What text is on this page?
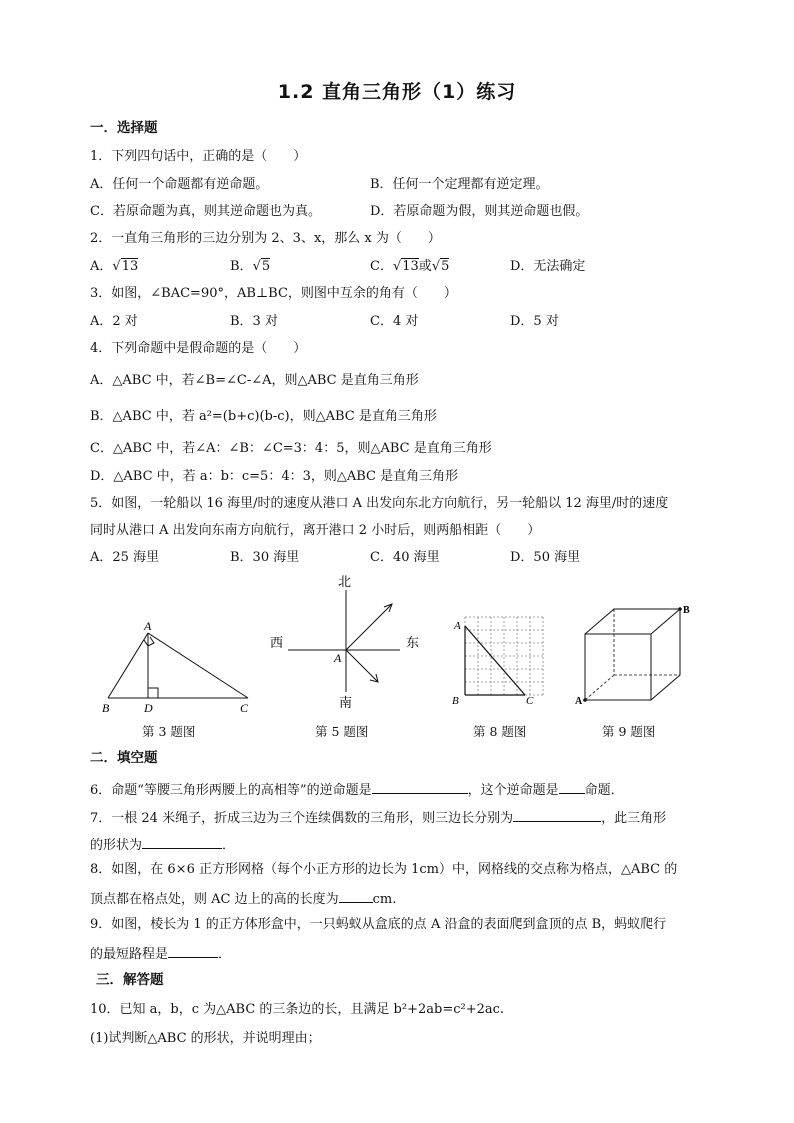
1.2 直角三角形（1）练习
一．选择题
1．下列四句话中，正确的是（　　）
A．任何一个命题都有逆命题。	B．任何一个定理都有逆定理。
C．若原命题为真，则其逆命题也为真。	D．若原命题为假，则其逆命题也假。
2．一直角三角形的三边分别为 2、3、x，那么 x 为（　　）
A．√13	B．√5	C．√13或√5	D．无法确定
3．如图，∠BAC=90°，AB⊥BC，则图中互余的角有（　　）
A．2 对	B．3 对	C．4 对	D．5 对
4．下列命题中是假命题的是（　　）
A．△ABC 中，若∠B=∠C-∠A，则△ABC 是直角三角形
B．△ABC 中，若 a²=(b+c)(b-c)，则△ABC 是直角三角形
C．△ABC 中，若∠A：∠B：∠C=3：4：5，则△ABC 是直角三角形
D．△ABC 中，若 a：b：c=5：4：3，则△ABC 是直角三角形
5．如图，一轮船以 16 海里/时的速度从港口 A 出发向东北方向航行，另一轮船以 12 海里/时的速度
同时从港口 A 出发向东南方向航行，离开港口 2 小时后，则两船相距（　　）
A．25 海里	B．30 海里	C．40 海里	D．50 海里
A
B	D	C
北
南
西	东
A
A
B	C	A
B
第 3 题图	第 5 题图	第 8 题图	第 9 题图
二．填空题
6．命题“等腰三角形两腰上的高相等”的逆命题是	，这个逆命题是 命题．
7．一根 24 米绳子，折成三边为三个连续偶数的三角形，则三边长分别为	，此三角形
的形状为	．
8．如图，在 6×6 正方形网格（每个小正方形的边长为 1cm）中，网格线的交点称为格点，△ABC 的
顶点都在格点处，则 AC 边上的高的长度为	cm.
9．如图，棱长为 1 的正方体形盒中，一只蚂蚁从盒底的点 A 沿盒的表面爬到盒顶的点 B，蚂蚁爬行
的最短路程是	．
三．解答题
10．已知 a，b，c 为△ABC 的三条边的长，且满足 b²+2ab=c²+2ac.
(1)试判断△ABC 的形状，并说明理由；
